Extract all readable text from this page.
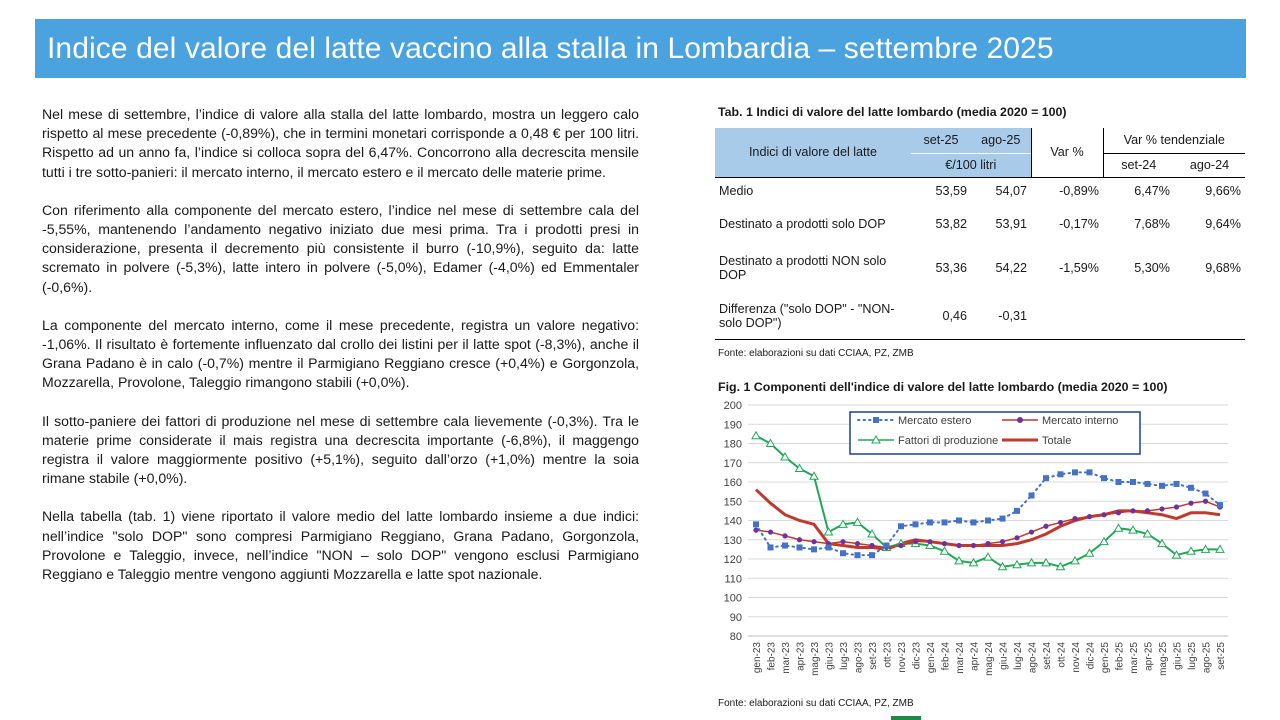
Indice del valore del latte vaccino alla stalla in Lombardia – settembre 2025

Nel mese di settembre, l’indice di valore alla stalla del latte lombardo, mostra un leggero calo rispetto al mese precedente (-0,89%), che in termini monetari corrisponde a 0,48 € per 100 litri. Rispetto ad un anno fa, l’indice si colloca sopra del 6,47%. Concorrono alla decrescita mensile tutti i tre sotto-panieri: il mercato interno, il mercato estero e il mercato delle materie prime.

Con riferimento alla componente del mercato estero, l’indice nel mese di settembre cala del -5,55%, mantenendo l’andamento negativo iniziato due mesi prima. Tra i prodotti presi in considerazione, presenta il decremento più consistente il burro (-10,9%), seguito da: latte scremato in polvere (-5,3%), latte intero in polvere (-5,0%), Edamer (-4,0%) ed Emmentaler (-0,6%).

La componente del mercato interno, come il mese precedente, registra un valore negativo: -1,06%. Il risultato è fortemente influenzato dal crollo dei listini per il latte spot (-8,3%), anche il Grana Padano è in calo (-0,7%) mentre il Parmigiano Reggiano cresce (+0,4%) e Gorgonzola, Mozzarella, Provolone, Taleggio rimangono stabili (+0,0%).

Il sotto-paniere dei fattori di produzione nel mese di settembre cala lievemente (-0,3%). Tra le materie prime considerate il mais registra una decrescita importante (-6,8%), il maggengo registra il valore maggiormente positivo (+5,1%), seguito dall’orzo (+1,0%) mentre la soia rimane stabile (+0,0%).

Nella tabella (tab. 1) viene riportato il valore medio del latte lombardo insieme a due indici: nell’indice "solo DOP" sono compresi Parmigiano Reggiano, Grana Padano, Gorgonzola, Provolone e Taleggio, invece, nell’indice "NON – solo DOP" vengono esclusi Parmigiano Reggiano e Taleggio mentre vengono aggiunti Mozzarella e latte spot nazionale.

Tab. 1 Indici di valore del latte lombardo (media 2020 = 100)
Indici di valore del latte	set-25	ago-25	Var %	Var % tendenziale	
	€/100 litri			set-24	ago-24
Medio	53,59	54,07	-0,89%	6,47%	9,66%
Destinato a prodotti solo DOP	53,82	53,91	-0,17%	7,68%	9,64%
Destinato a prodotti NON solo DOP	53,36	54,22	-1,59%	5,30%	9,68%
Differenza ("solo DOP" - "NON-solo DOP")	0,46	-0,31			
Fonte: elaborazioni su dati CCIAA, PZ, ZMB
Fig. 1 Componenti dell'indice di valore del latte lombardo (media 2020 = 100)
80
90
100
110
120
130
140
150
160
170
180
190
200
gen-23 feb-23 mar-23 apr-23 mag-23 giu-23 lug-23 ago-23 set-23 ott-23 nov-23 dic-23 gen-24 feb-24 mar-24 apr-24 mag-24 giu-24 lug-24 ago-24 set-24 ott-24 nov-24 dic-24 gen-25 feb-25 mar-25 apr-25 mag-25 giu-25 lug-25 ago-25 set-25
Mercato estero	Mercato interno
Fattori di produzione	Totale
Fonte: elaborazioni su dati CCIAA, PZ, ZMB
